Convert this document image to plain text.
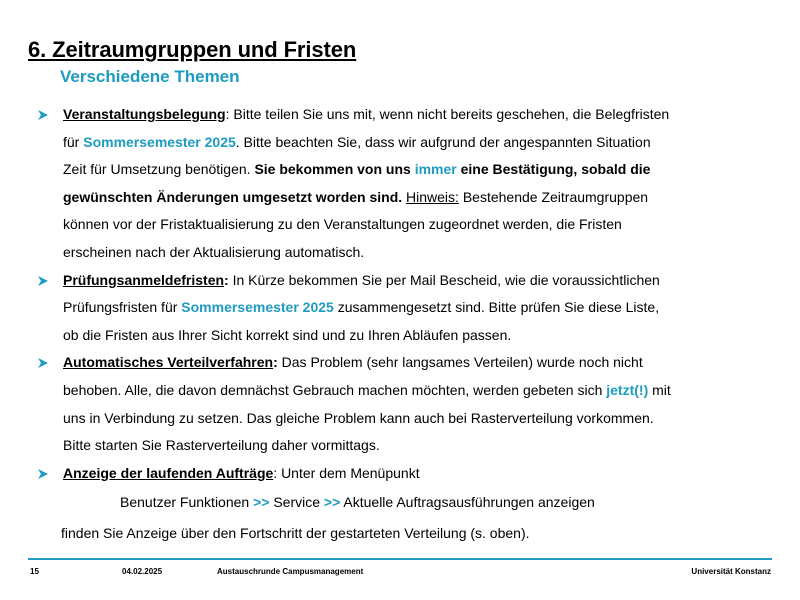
6. Zeitraumgruppen und Fristen
Verschiedene Themen
Veranstaltungsbelegung: Bitte teilen Sie uns mit, wenn nicht bereits geschehen, die Belegfristen
für Sommersemester 2025. Bitte beachten Sie, dass wir aufgrund der angespannten Situation
Zeit für Umsetzung benötigen. Sie bekommen von uns immer eine Bestätigung, sobald die
gewünschten Änderungen umgesetzt worden sind. Hinweis: Bestehende Zeitraumgruppen
können vor der Fristaktualisierung zu den Veranstaltungen zugeordnet werden, die Fristen
erscheinen nach der Aktualisierung automatisch.
Prüfungsanmeldefristen: In Kürze bekommen Sie per Mail Bescheid, wie die voraussichtlichen
Prüfungsfristen für Sommersemester 2025 zusammengesetzt sind. Bitte prüfen Sie diese Liste,
ob die Fristen aus Ihrer Sicht korrekt sind und zu Ihren Abläufen passen.
Automatisches Verteilverfahren: Das Problem (sehr langsames Verteilen) wurde noch nicht
behoben. Alle, die davon demnächst Gebrauch machen möchten, werden gebeten sich jetzt(!) mit
uns in Verbindung zu setzen. Das gleiche Problem kann auch bei Rasterverteilung vorkommen.
Bitte starten Sie Rasterverteilung daher vormittags.
Anzeige der laufenden Aufträge: Unter dem Menüpunkt
Benutzer Funktionen >> Service >> Aktuelle Auftragsausführungen anzeigen
finden Sie Anzeige über den Fortschritt der gestarteten Verteilung (s. oben).
15	04.02.2025	Austauschrunde Campusmanagement	Universität Konstanz
